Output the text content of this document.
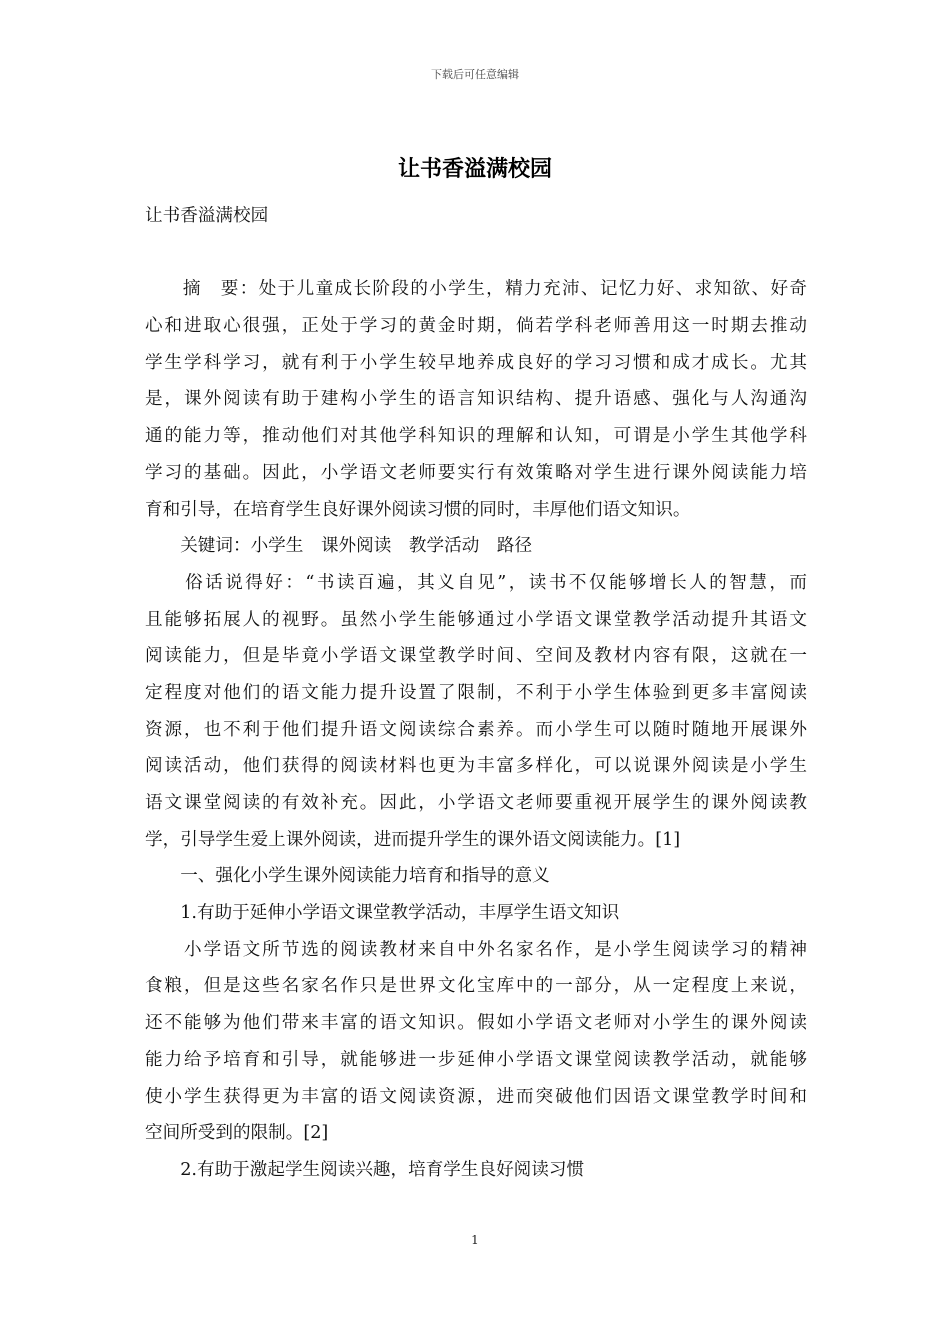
下载后可任意编辑
让书香溢满校园
让书香溢满校园
　　摘　要：处于儿童成长阶段的小学生，精力充沛、记忆力好、求知欲、好奇
心和进取心很强，正处于学习的黄金时期，倘若学科老师善用这一时期去推动
学生学科学习，就有利于小学生较早地养成良好的学习习惯和成才成长。尤其
是，课外阅读有助于建构小学生的语言知识结构、提升语感、强化与人沟通沟
通的能力等，推动他们对其他学科知识的理解和认知，可谓是小学生其他学科
学习的基础。因此，小学语文老师要实行有效策略对学生进行课外阅读能力培
育和引导，在培育学生良好课外阅读习惯的同时，丰厚他们语文知识。
　　关键词：小学生　课外阅读　教学活动　路径
　　俗话说得好：“书读百遍，其义自见”，读书不仅能够增长人的智慧，而
且能够拓展人的视野。虽然小学生能够通过小学语文课堂教学活动提升其语文
阅读能力，但是毕竟小学语文课堂教学时间、空间及教材内容有限，这就在一
定程度对他们的语文能力提升设置了限制，不利于小学生体验到更多丰富阅读
资源，也不利于他们提升语文阅读综合素养。而小学生可以随时随地开展课外
阅读活动，他们获得的阅读材料也更为丰富多样化，可以说课外阅读是小学生
语文课堂阅读的有效补充。因此，小学语文老师要重视开展学生的课外阅读教
学，引导学生爱上课外阅读，进而提升学生的课外语文阅读能力。[1]
　　一、强化小学生课外阅读能力培育和指导的意义
　　1.有助于延伸小学语文课堂教学活动，丰厚学生语文知识
　　小学语文所节选的阅读教材来自中外名家名作，是小学生阅读学习的精神
食粮，但是这些名家名作只是世界文化宝库中的一部分，从一定程度上来说，
还不能够为他们带来丰富的语文知识。假如小学语文老师对小学生的课外阅读
能力给予培育和引导，就能够进一步延伸小学语文课堂阅读教学活动，就能够
使小学生获得更为丰富的语文阅读资源，进而突破他们因语文课堂教学时间和
空间所受到的限制。[2]
　　2.有助于激起学生阅读兴趣，培育学生良好阅读习惯
1
